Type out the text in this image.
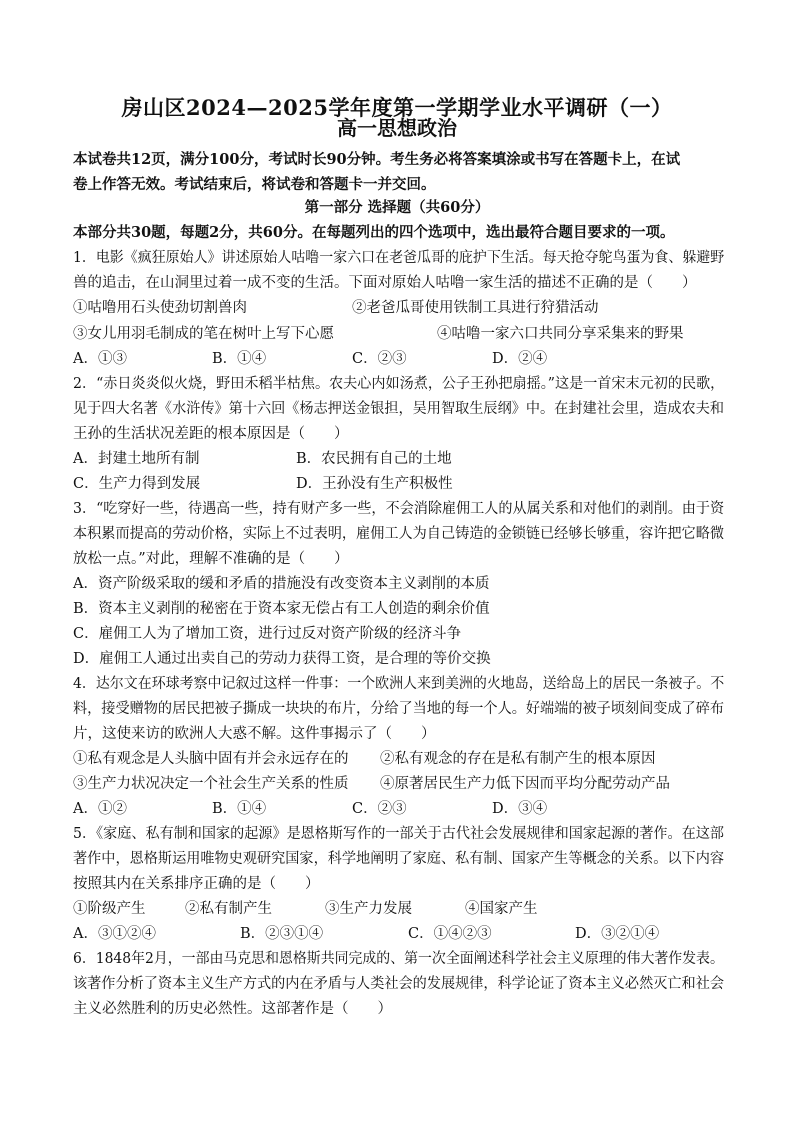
房山区2024—2025学年度第一学期学业水平调研（一）
高一思想政治
本试卷共12页，满分100分，考试时长90分钟。考生务必将答案填涂或书写在答题卡上，在试
卷上作答无效。考试结束后，将试卷和答题卡一并交回。
第一部分 选择题（共60分）
本部分共30题，每题2分，共60分。在每题列出的四个选项中，选出最符合题目要求的一项。
1．电影《疯狂原始人》讲述原始人咕噜一家六口在老爸瓜哥的庇护下生活。每天抢夺鸵鸟蛋为食、躲避野
兽的追击，在山洞里过着一成不变的生活。下面对原始人咕噜一家生活的描述不正确的是（　　）
①咕噜用石头使劲切割兽肉	②老爸瓜哥使用铁制工具进行狩猎活动
③女儿用羽毛制成的笔在树叶上写下心愿	④咕噜一家六口共同分享采集来的野果
A．①③	B．①④	C．②③	D．②④
2．“赤日炎炎似火烧，野田禾稻半枯焦。农夫心内如汤煮，公子王孙把扇摇。”这是一首宋末元初的民歌，
见于四大名著《水浒传》第十六回《杨志押送金银担，吴用智取生辰纲》中。在封建社会里，造成农夫和
王孙的生活状况差距的根本原因是（　　）
A．封建土地所有制	B．农民拥有自己的土地
C．生产力得到发展	D．王孙没有生产积极性
3．“吃穿好一些，待遇高一些，持有财产多一些，不会消除雇佣工人的从属关系和对他们的剥削。由于资
本积累而提高的劳动价格，实际上不过表明，雇佣工人为自己铸造的金锁链已经够长够重，容许把它略微
放松一点。”对此，理解不准确的是（　　）
A．资产阶级采取的缓和矛盾的措施没有改变资本主义剥削的本质
B．资本主义剥削的秘密在于资本家无偿占有工人创造的剩余价值
C．雇佣工人为了增加工资，进行过反对资产阶级的经济斗争
D．雇佣工人通过出卖自己的劳动力获得工资，是合理的等价交换
4．达尔文在环球考察中记叙过这样一件事：一个欧洲人来到美洲的火地岛，送给岛上的居民一条被子。不
料，接受赠物的居民把被子撕成一块块的布片，分给了当地的每一个人。好端端的被子顷刻间变成了碎布
片，这使来访的欧洲人大惑不解。这件事揭示了（　　）
①私有观念是人头脑中固有并会永远存在的 ②私有观念的存在是私有制产生的根本原因
③生产力状况决定一个社会生产关系的性质 ④原著居民生产力低下因而平均分配劳动产品
A．①②	B．①④	C．②③	D．③④
5．《家庭、私有制和国家的起源》是恩格斯写作的一部关于古代社会发展规律和国家起源的著作。在这部
著作中，恩格斯运用唯物史观研究国家，科学地阐明了家庭、私有制、国家产生等概念的关系。以下内容
按照其内在关系排序正确的是（　　）
①阶级产生	②私有制产生	③生产力发展	④国家产生
A．③①②④	B．②③①④	C．①④②③	D．③②①④
6．1848年2月，一部由马克思和恩格斯共同完成的、第一次全面阐述科学社会主义原理的伟大著作发表。
该著作分析了资本主义生产方式的内在矛盾与人类社会的发展规律，科学论证了资本主义必然灭亡和社会
主义必然胜利的历史必然性。这部著作是（　　）
